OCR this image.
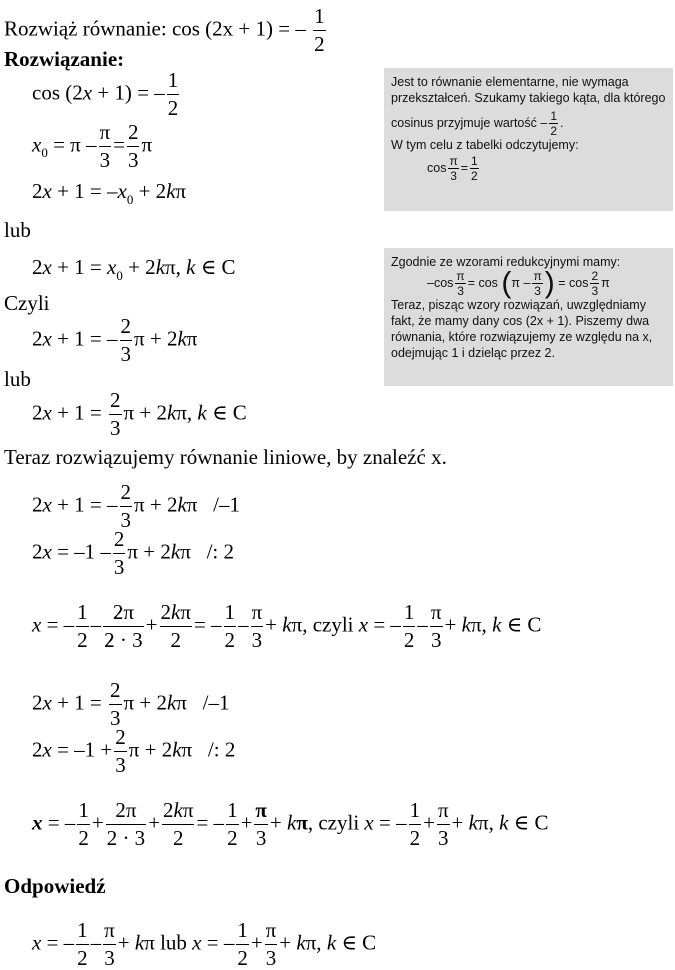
Rozwiąż równanie: cos (2x + 1) = – $\frac{1}{2}$
Rozwiązanie:
cos (2x + 1) = – $\frac{1}{2}$
$x_0 = \pi - \frac{\pi}{3} = \frac{2}{3}$ π
$2x + 1 = -x_0 + 2k\pi$
lub
$2x + 1 = x_0 + 2k\pi$, k ∈ C
Czyli
2x + 1 = – $\frac{2}{3}$ π + 2kπ
lub
$2x + 1 = \frac{2}{3}$ π + 2kπ, k ∈ C
Teraz rozwiązujemy równanie liniowe, by znaleźć x.
2x + 1 = – $\frac{2}{3}$ π + 2kπ   /–1
$2x = -1 - \frac{2}{3}$ π + 2kπ   /: 2
x = – $\frac{1}{2} - \frac{2\pi}{2 \cdot 3} + \frac{2k\pi}{2}$ = – $\frac{1}{2} - \frac{\pi}{3} + k\pi$, czyli x = – $\frac{1}{2} - \frac{\pi}{3} + k\pi$, k ∈ C
$2x + 1 = \frac{2}{3}$ π + 2kπ   /–1
$2x = -1 + \frac{2}{3}$ π + 2kπ   /: 2
x = – $\frac{1}{2} + \frac{2\pi}{2 \cdot 3} + \frac{2k\pi}{2}$ = – $\frac{1}{2} + \frac{\pi}{3} + k\pi$, czyli x = – $\frac{1}{2} + \frac{\pi}{3} + k\pi$, k ∈ C
Odpowiedź
x = – $\frac{1}{2} - \frac{\pi}{3} + k\pi$ lub x = – $\frac{1}{2} + \frac{\pi}{3} + k\pi$, k ∈ C
Jest to równanie elementarne, nie wymaga
przekształceń. Szukamy takiego kąta, dla którego
cosinus przyjmuje wartość – $\frac{1}{2}$ .
W tym celu z tabelki odczytujemy:
$\cos \frac{\pi}{3} = \frac{1}{2}$
Zgodnie ze wzorami redukcyjnymi mamy:
$-\cos \frac{\pi}{3} = \cos (\pi - \frac{\pi}{3}$ ) = $\cos \frac{2}{3}$ π
Teraz, pisząc wzory rozwiązań, uwzględniamy
fakt, że mamy dany cos (2x + 1). Piszemy dwa
równania, które rozwiązujemy ze względu na x,
odejmując 1 i dzieląc przez 2.
